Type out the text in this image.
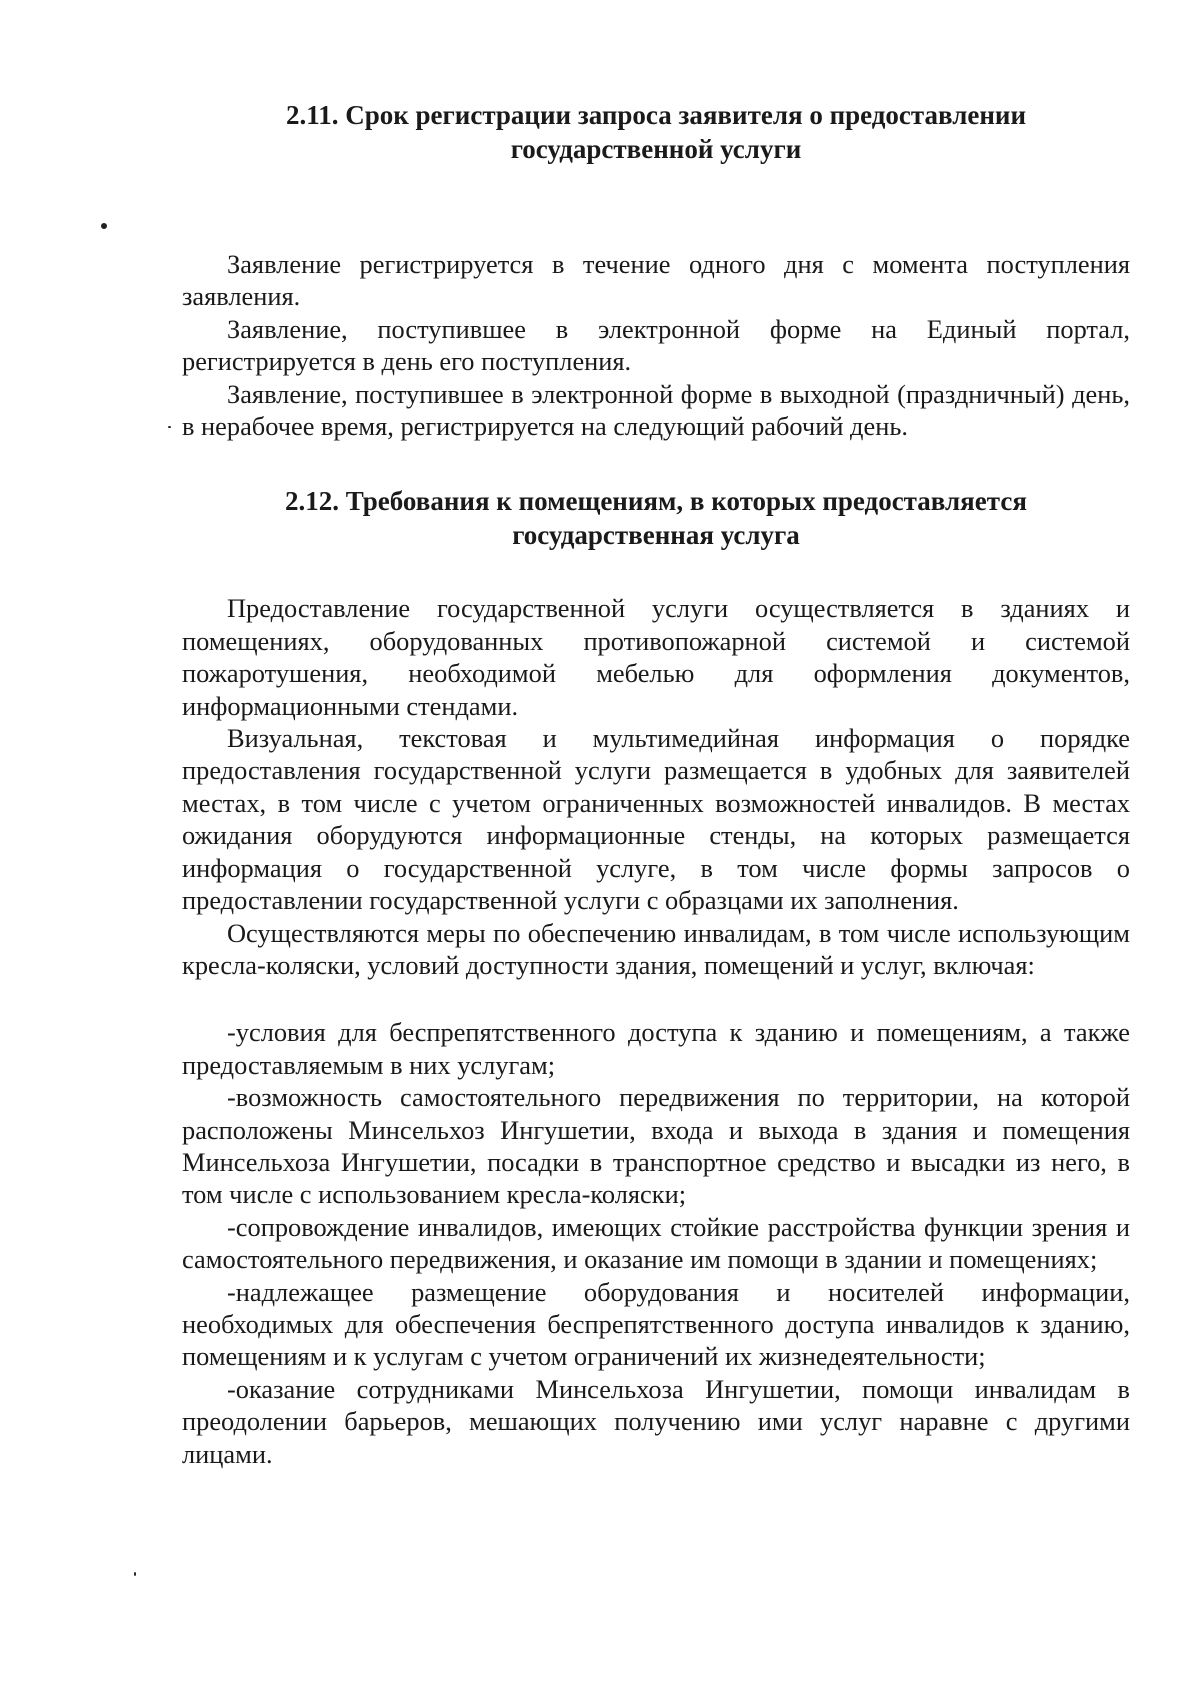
2.11. Срок регистрации запроса заявителя о предоставлении государственной услуги

Заявление регистрируется в течение одного дня с момента поступления заявления.

Заявление, поступившее в электронной форме на Единый портал, регистрируется в день его поступления.

Заявление, поступившее в электронной форме в выходной (праздничный) день, в нерабочее время, регистрируется на следующий рабочий день.

2.12. Требования к помещениям, в которых предоставляется государственная услуга

Предоставление государственной услуги осуществляется в зданиях и помещениях, оборудованных противопожарной системой и системой пожаротушения, необходимой мебелью для оформления документов, информационными стендами.

Визуальная, текстовая и мультимедийная информация о порядке предоставления государственной услуги размещается в удобных для заявителей местах, в том числе с учетом ограниченных возможностей инвалидов. В местах ожидания оборудуются информационные стенды, на которых размещается информация о государственной услуге, в том числе формы запросов о предоставлении государственной услуги с образцами их заполнения.

Осуществляются меры по обеспечению инвалидам, в том числе использующим кресла-коляски, условий доступности здания, помещений и услуг, включая:

-условия для беспрепятственного доступа к зданию и помещениям, а также предоставляемым в них услугам;

-возможность самостоятельного передвижения по территории, на которой расположены Минсельхоз Ингушетии, входа и выхода в здания и помещения Минсельхоза Ингушетии, посадки в транспортное средство и высадки из него, в том числе с использованием кресла-коляски;

-сопровождение инвалидов, имеющих стойкие расстройства функции зрения и самостоятельного передвижения, и оказание им помощи в здании и помещениях;

-надлежащее размещение оборудования и носителей информации, необходимых для обеспечения беспрепятственного доступа инвалидов к зданию, помещениям и к услугам с учетом ограничений их жизнедеятельности;

-оказание сотрудниками Минсельхоза Ингушетии, помощи инвалидам в преодолении барьеров, мешающих получению ими услуг наравне с другими лицами.
